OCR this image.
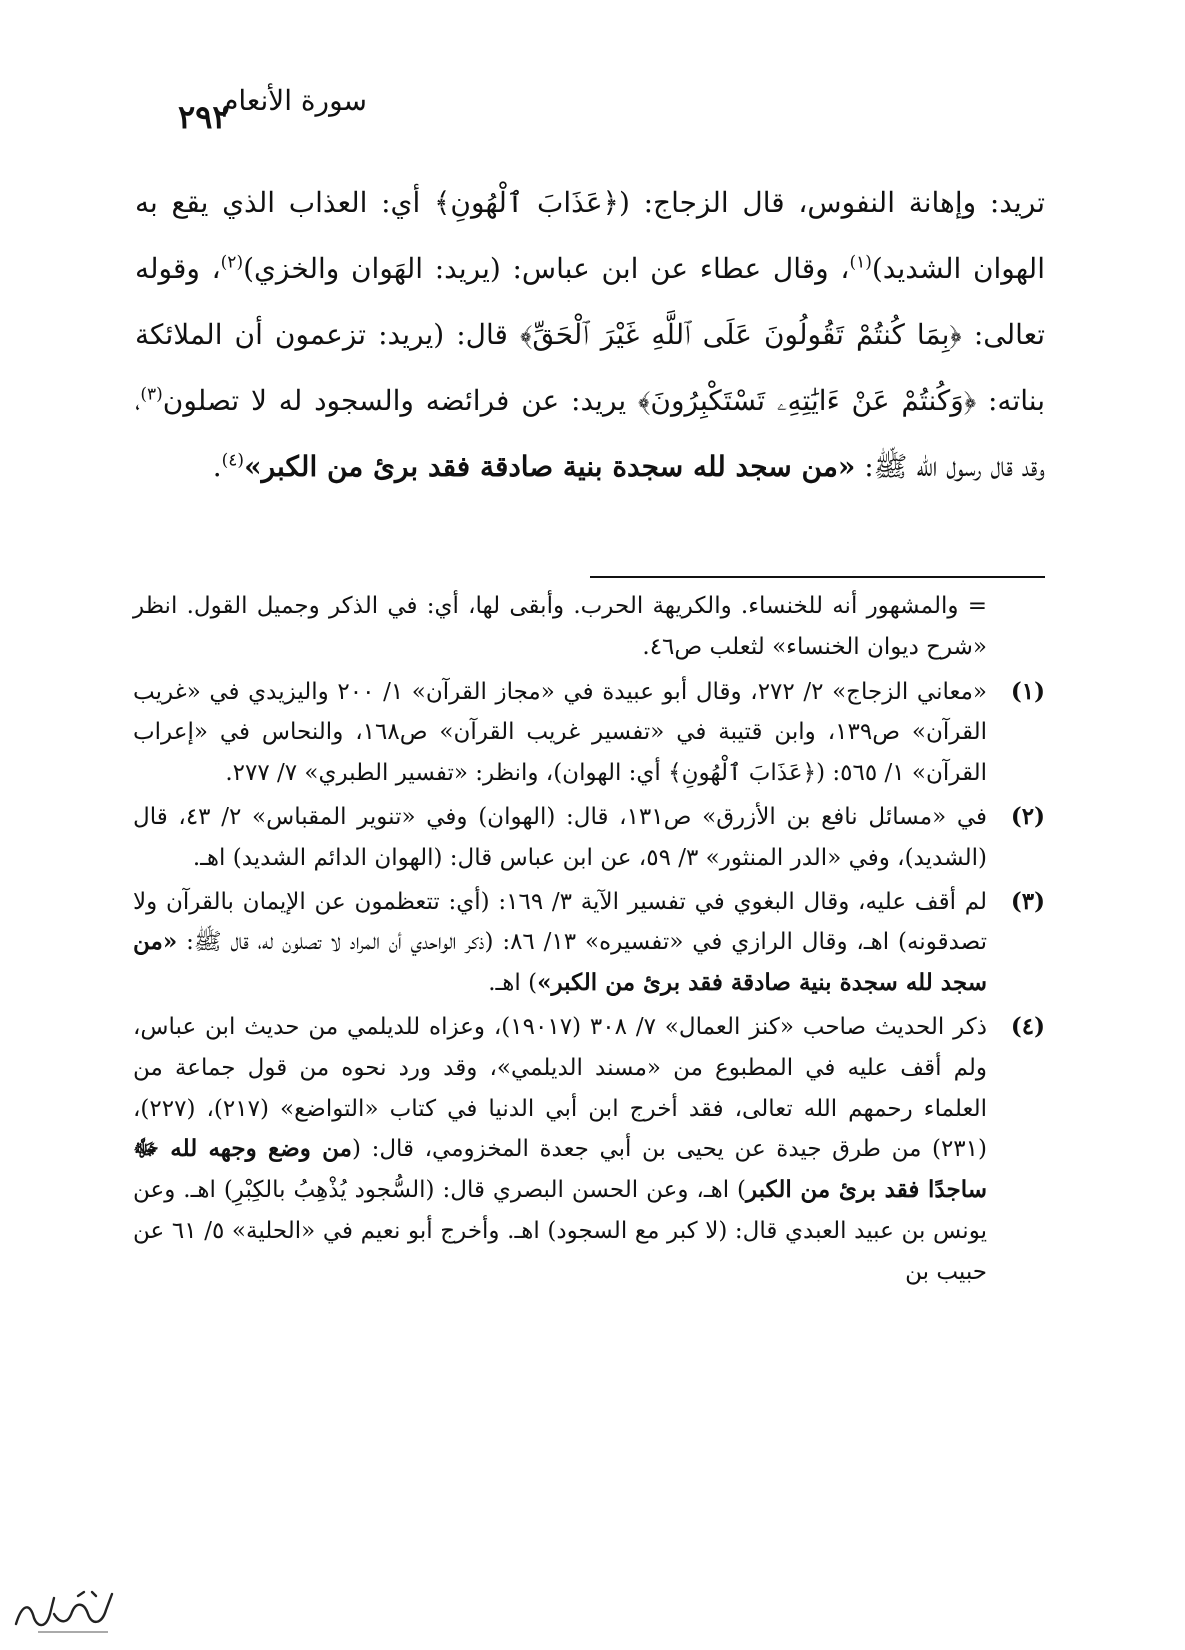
٢٩٢
سورة الأنعام

تريد: وإهانة النفوس، قال الزجاج: (﴿عَذَابَ ٱلْهُونِ﴾ أي: العذاب الذي يقع به الهوان الشديد)$^{(١)}$، وقال عطاء عن ابن عباس: (يريد: الهَوان والخزي)$^{(٢)}$، وقوله تعالى: ﴿بِمَا كُنتُمْ تَقُولُونَ عَلَى ٱللَّهِ غَيْرَ ٱلْحَقِّ﴾ قال: (يريد: تزعمون أن الملائكة بناته: ﴿وَكُنتُمْ عَنْ ءَايَٰتِهِۦ تَسْتَكْبِرُونَ﴾ يريد: عن فرائضه والسجود له لا تصلون$^{(٣)}$، وقد قال رسول الله ﷺ: «من سجد لله سجدة بنية صادقة فقد برئ من الكبر»$^{(٤)}$.

= والمشهور أنه للخنساء. والكريهة الحرب. وأبقى لها، أي: في الذكر وجميل القول. انظر «شرح ديوان الخنساء» لثعلب ص٤٦.
(١)
«معاني الزجاج» ٢/ ٢٧٢، وقال أبو عبيدة في «مجاز القرآن» ١/ ٢٠٠ واليزيدي في «غريب القرآن» ص١٣٩، وابن قتيبة في «تفسير غريب القرآن» ص١٦٨، والنحاس في «إعراب القرآن» ١/ ٥٦٥: (﴿عَذَابَ ٱلْهُونِ﴾ أي: الهوان)، وانظر: «تفسير الطبري» ٧/ ٢٧٧.
(٢)
في «مسائل نافع بن الأزرق» ص١٣١، قال: (الهوان) وفي «تنوير المقباس» ٢/ ٤٣، قال (الشديد)، وفي «الدر المنثور» ٣/ ٥٩، عن ابن عباس قال: (الهوان الدائم الشديد) اهـ.
(٣)
لم أقف عليه، وقال البغوي في تفسير الآية ٣/ ١٦٩: (أي: تتعظمون عن الإيمان بالقرآن ولا تصدقونه) اهـ، وقال الرازي في «تفسيره» ١٣/ ٨٦: (ذكر الواحدي أن المراد لا تصلون له، قال ﷺ: «من سجد لله سجدة بنية صادقة فقد برئ من الكبر») اهـ.
(٤)
ذكر الحديث صاحب «كنز العمال» ٧/ ٣٠٨ (١٩٠١٧)، وعزاه للديلمي من حديث ابن عباس، ولم أقف عليه في المطبوع من «مسند الديلمي»، وقد ورد نحوه من قول جماعة من العلماء رحمهم الله تعالى، فقد أخرج ابن أبي الدنيا في كتاب «التواضع» (٢١٧)، (٢٢٧)، (٢٣١) من طرق جيدة عن يحيى بن أبي جعدة المخزومي، قال: (من وضع وجهه لله ﷻ ساجدًا فقد برئ من الكبر) اهـ، وعن الحسن البصري قال: (السُّجود يُذْهِبُ بالكِبْرِ) اهـ. وعن يونس بن عبيد العبدي قال: (لا كبر مع السجود) اهـ. وأخرج أبو نعيم في «الحلية» ٥/ ٦١ عن حبيب بن
